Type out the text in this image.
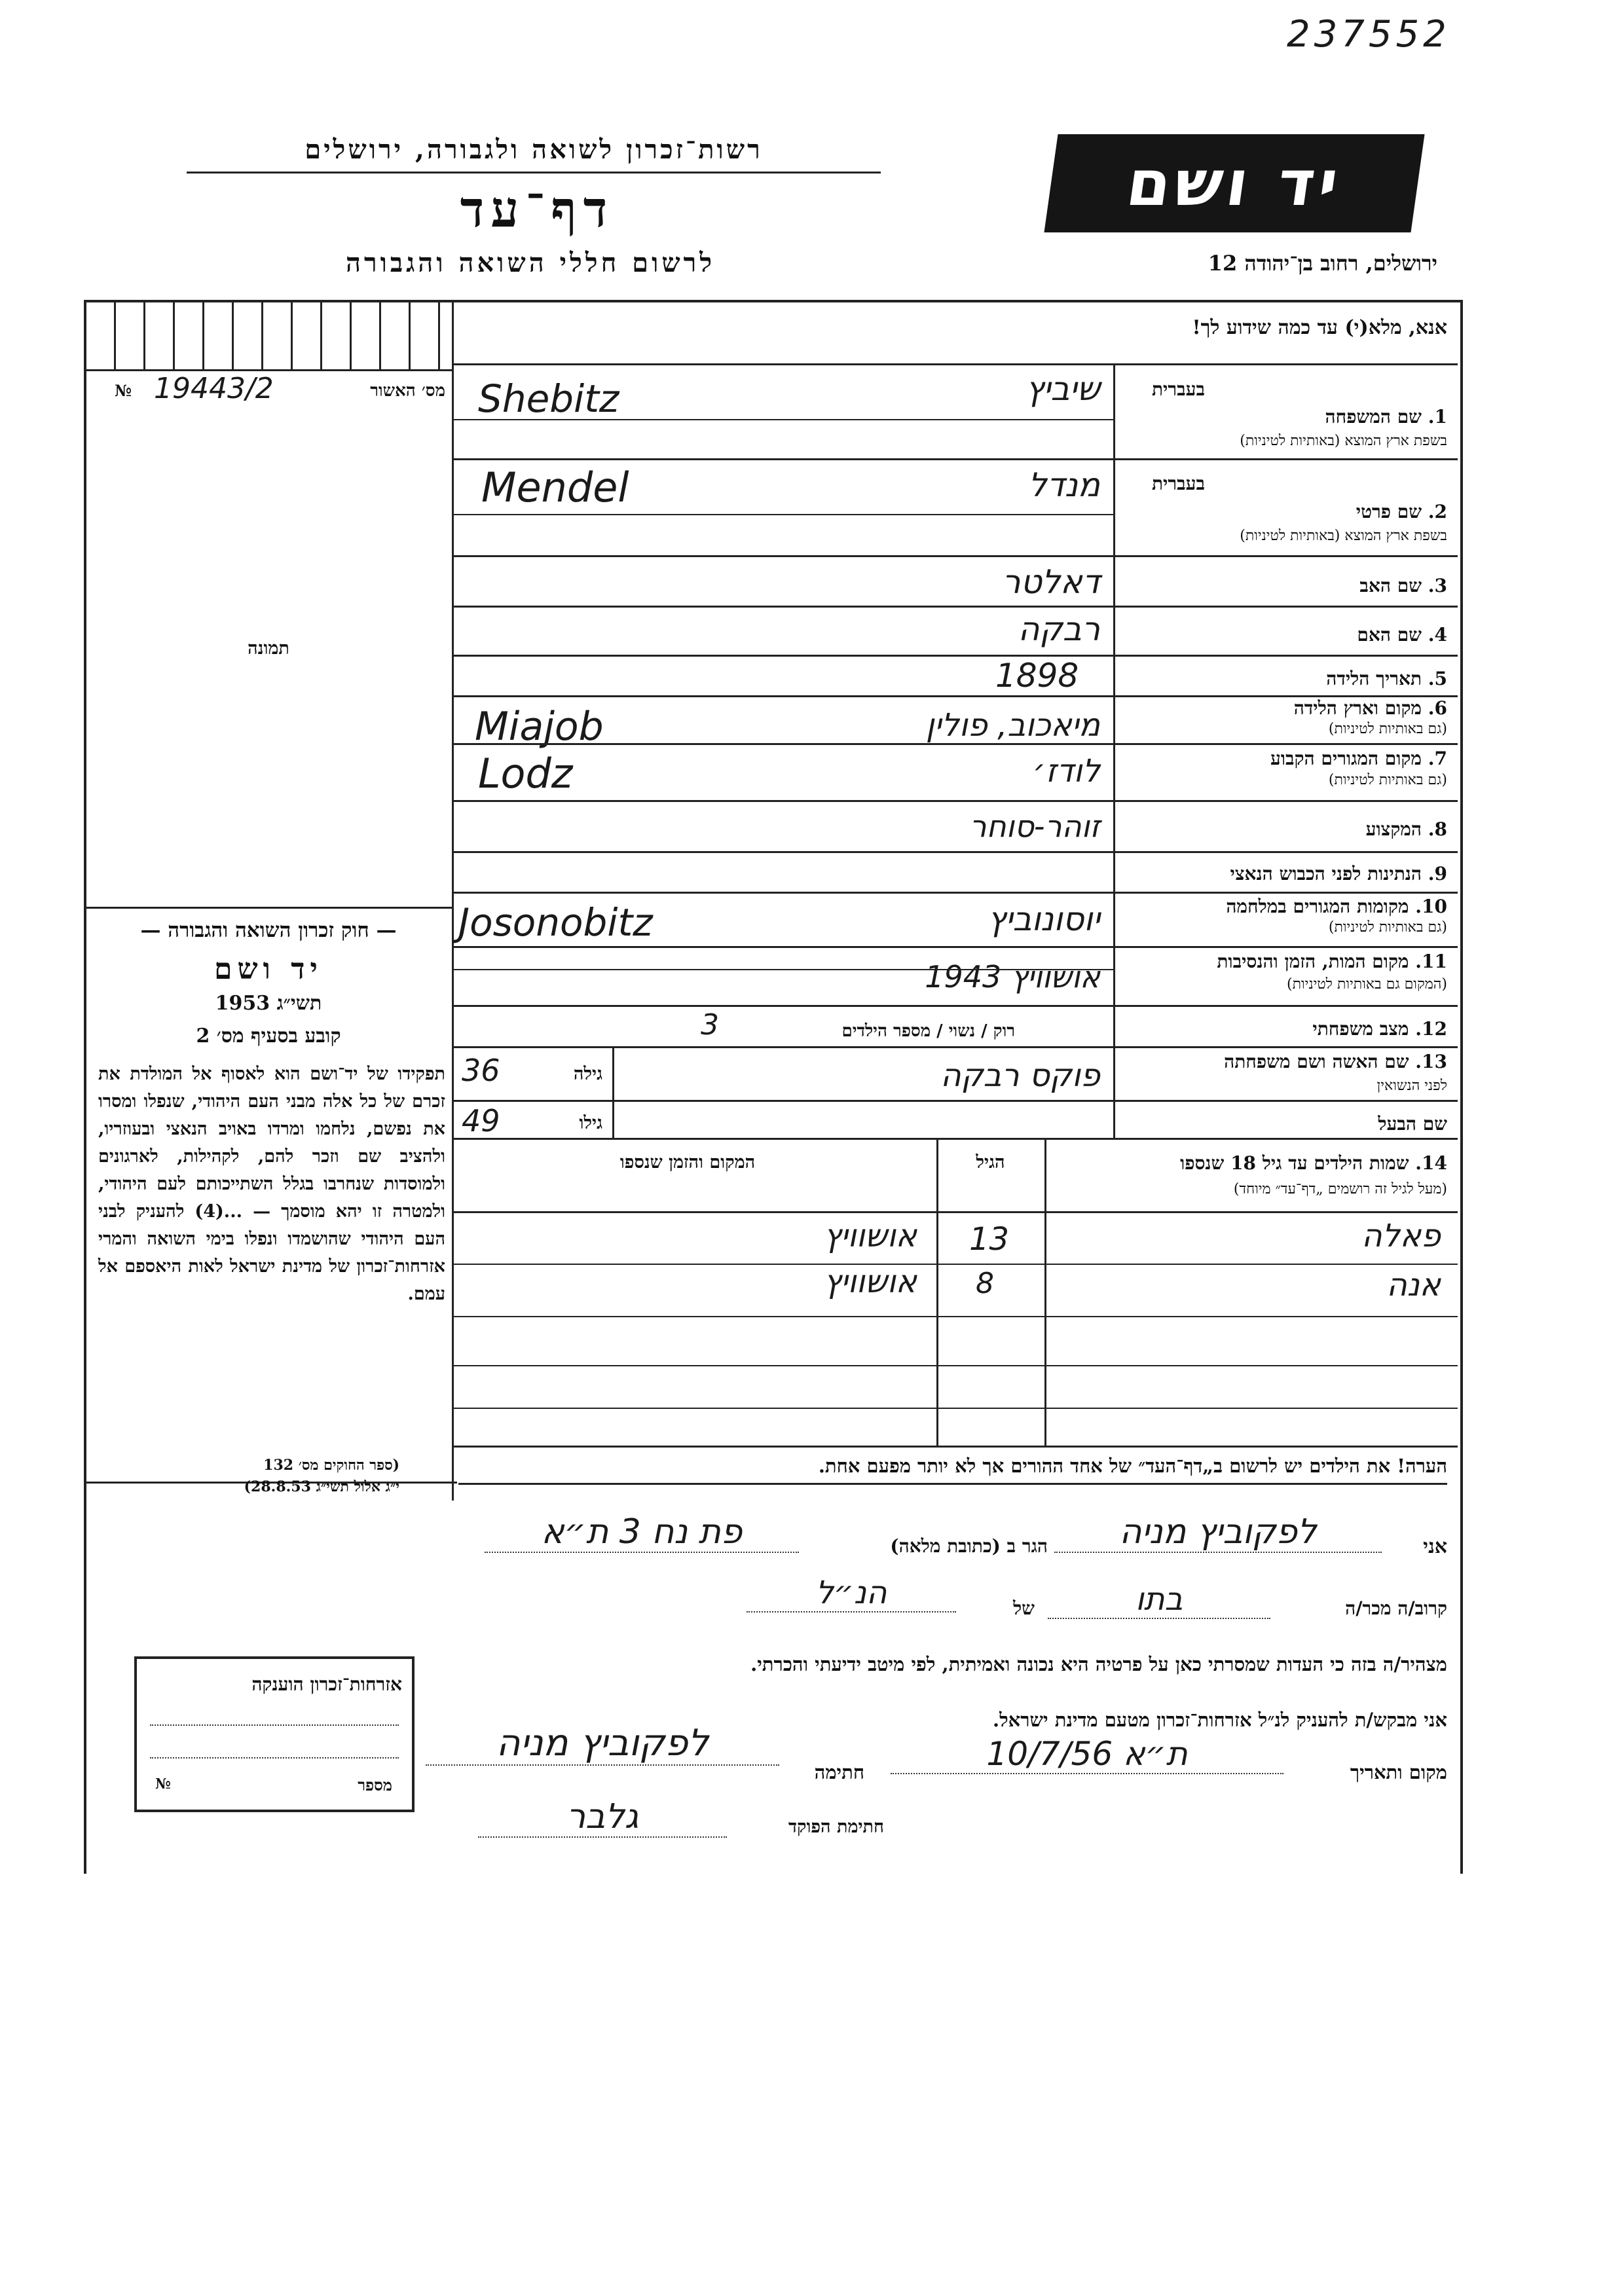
237552
רשות־זכרון לשואה ולגבורה, ירושלים
דף־עד
לרשום חללי השואה והגבורה
יד ושם
ירושלים, רחוב בן־יהודה 12
מס׳ האשור
19443/2
№
תמונה
— חוק זכרון השואה והגבורה —
יד ושם
תשי״ג 1953
קובע בסעיף מס׳ 2
תפקידו של יד־ושם הוא לאסוף אל המולדת את זכרם של כל אלה מבני העם היהודי, שנפלו ומסרו את נפשם, נלחמו ומרדו באויב הנאצי ובעוזריו, ולהציב שם וזכר להם, לקהילות, לארגונים ולמוסדות שנחרבו בגלל השתייכותם לעם היהודי, ולמטרה זו יהא מוסמך — ...(4) להעניק לבני העם היהודי שהושמדו ונפלו בימי השואה והמרי אזרחות־זכרון של מדינת ישראל לאות היאספם אל עמם.
(ספר החוקים מס׳ 132
י״ג אלול תשי״ג 28.8.53)
אנא, מלא(י) עד כמה שידוע לך!
בעברית
1. שם המשפחה
בשפת ארץ המוצא (באותיות לטיניות)
שיביץ
Shebitz
בעברית
2. שם פרטי
בשפת ארץ המוצא (באותיות לטיניות)
מנדל
Mendel
3. שם האב
דאלטר
4. שם האם
רבקה
5. תאריך הלידה
1898
6. מקום וארץ הלידה
(גם באותיות לטיניות)
מיאכוב, פולין
Miajob
7. מקום המגורים הקבוע
(גם באותיות לטיניות)
לודז׳
Lodz
8. המקצוע
זוהר-סוחר
9. הנתינות לפני הכבוש הנאצי
10. מקומות המגורים במלחמה
(גם באותיות לטיניות)
יוסונוביץ
Josonobitz
11. מקום המות, הזמן והנסיבות
(המקום גם באותיות לטיניות)
אושוויץ 1943
12. מצב משפחתי
רוק / נשוי / מספר הילדים
3
13. שם האשה ושם משפחתה
לפני הנשואין
פוקס רבקה
גילה
36
שם הבעל
גילו
49
14. שמות הילדים עד גיל 18 שנספו
(מעל לגיל זה רושמים „דף־עד״ מיוחד)
הגיל
המקום והזמן שנספו
פאלה
13
אושוויץ
אנה
8
אושוויץ
הערה! את הילדים יש לרשום ב„דף־העד״ של אחד ההורים אך לא יותר מפעם אחת.
אני
לפקוביץ מניה
הגר ב (כתובת מלאה)
פת נח 3 ת״א
קרוב/ה מכר/ה
בתו
של
הנ״ל
מצהיר/ה בזה כי העדות שמסרתי כאן על פרטיה היא נכונה ואמיתית, לפי מיטב ידיעתי והכרתי.
אני מבקש/ת להעניק לנ״ל אזרחות־זכרון מטעם מדינת ישראל.
מקום ותאריך
ת״א 10/7/56
חתימה
לפקוביץ מניה
חתימת הפוקד
גלבר
אזרחות־זכרון הוענקה
מספר
№
